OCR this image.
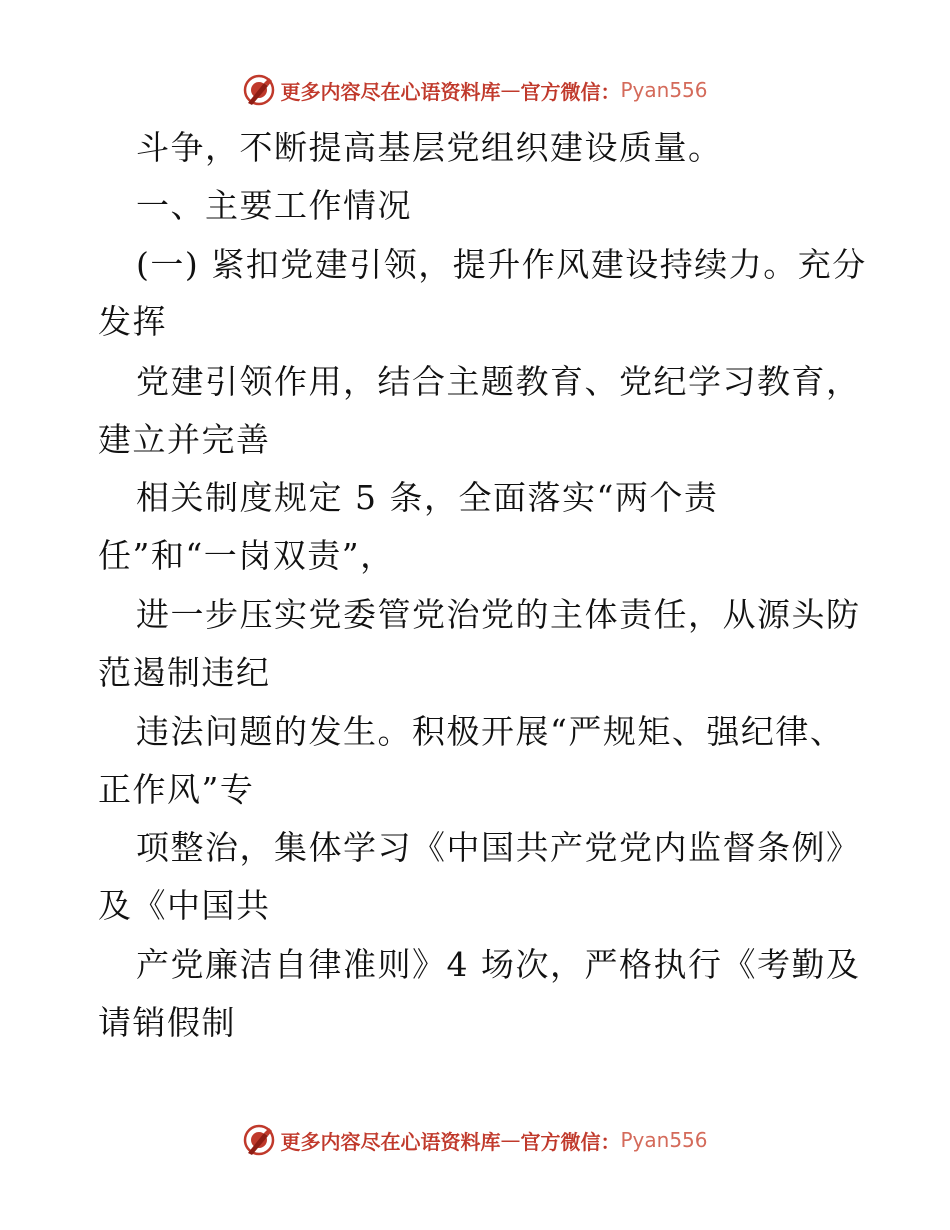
更多内容尽在心语资料库 — 官方微信： Pyan556
斗争，不断提高基层党组织建设质量。
一、主要工作情况
(一) 紧扣党建引领，提升作风建设持续力。充分
发挥
党建引领作用，结合主题教育、党纪学习教育，
建立并完善
相关制度规定 5 条，全面落实“两个责
任”和“一岗双责”，
进一步压实党委管党治党的主体责任，从源头防
范遏制违纪
违法问题的发生。积极开展“严规矩、强纪律、
正作风”专
项整治，集体学习《中国共产党党内监督条例》
及《中国共
产党廉洁自律准则》4 场次，严格执行《考勤及
请销假制
更多内容尽在心语资料库 — 官方微信： Pyan556
